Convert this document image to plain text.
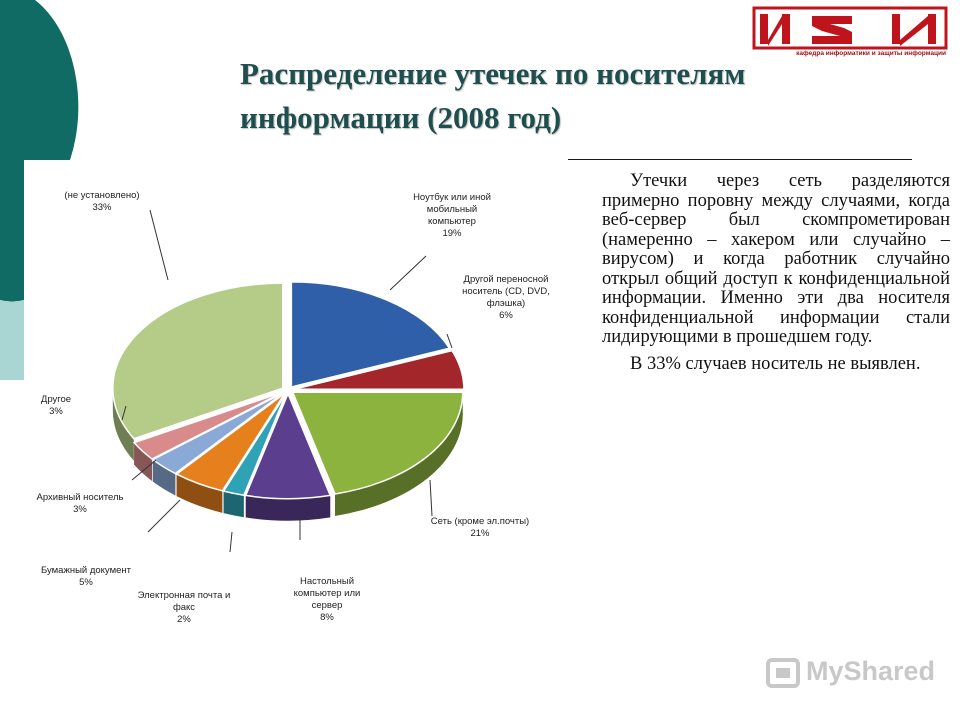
кафедра информатики и защиты информации
Распределение утечек по носителям
информации (2008 год)

Утечки через сеть разделяются примерно поровну между случаями, когда веб-сервер был скомпрометирован (намеренно – хакером или случайно – вирусом) и когда работник случайно открыл общий доступ к конфиденциальной информации. Именно эти два носителя конфиденциальной информации стали лидирующими в прошедшем году.

В 33% случаев носитель не выявлен.

Ноутбук или иной
мобильный
компьютер
19%
Другой переносной
носитель (CD, DVD,
флэшка)
6%
Сеть (кроме эл.почты)
21%
Настольный
компьютер или
сервер
8%
Электронная почта и
факс
2%
Бумажный документ
5%
Архивный носитель
3%
Другое
3%
(не установлено)
33%
MyShared
